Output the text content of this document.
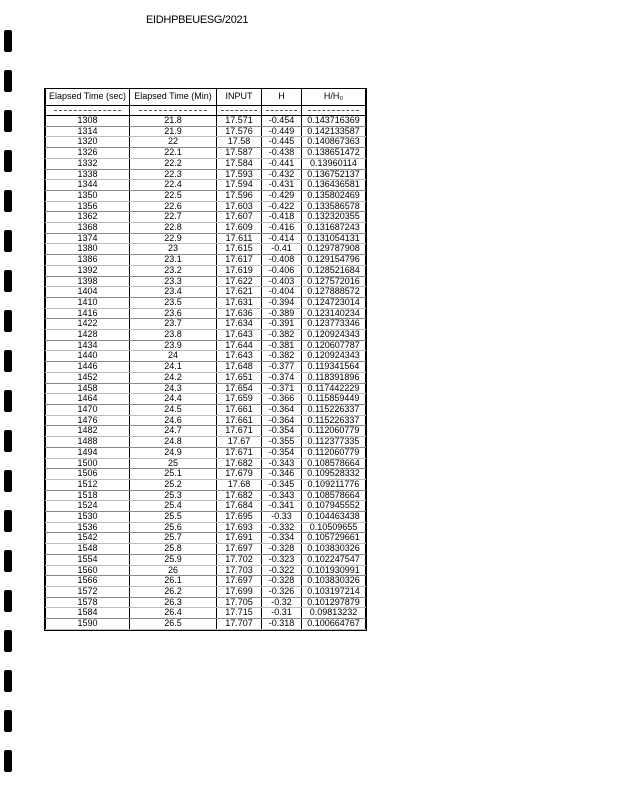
EIDHPBEUESG/2021
Elapsed Time (sec)	Elapsed Time (Min)	INPUT	H	H/H₀

1308	21.8	17.571	-0.454	0.143716369
1314	21.9	17.576	-0.449	0.142133587
1320	22	17.58	-0.445	0.140867363
1326	22.1	17.587	-0.438	0.138651472
1332	22.2	17.584	-0.441	0.13960114
1338	22.3	17.593	-0.432	0.136752137
1344	22.4	17.594	-0.431	0.136436581
1350	22.5	17.596	-0.429	0.135802469
1356	22.6	17.603	-0.422	0.133586578
1362	22.7	17.607	-0.418	0.132320355
1368	22.8	17.609	-0.416	0.131687243
1374	22.9	17.611	-0.414	0.131054131
1380	23	17.615	-0.41	0.129787908
1386	23.1	17.617	-0.408	0.129154796
1392	23.2	17.619	-0.406	0.128521684
1398	23.3	17.622	-0.403	0.127572016
1404	23.4	17.621	-0.404	0.127888572
1410	23.5	17.631	-0.394	0.124723014
1416	23.6	17.636	-0.389	0.123140234
1422	23.7	17.634	-0.391	0.123773346
1428	23.8	17.643	-0.382	0.120924343
1434	23.9	17.644	-0.381	0.120607787
1440	24	17.643	-0.382	0.120924343
1446	24.1	17.648	-0.377	0.119341564
1452	24.2	17.651	-0.374	0.118391896
1458	24.3	17.654	-0.371	0.117442229
1464	24.4	17.659	-0.366	0.115859449
1470	24.5	17.661	-0.364	0.115226337
1476	24.6	17.661	-0.364	0.115226337
1482	24.7	17.671	-0.354	0.112060779
1488	24.8	17.67	-0.355	0.112377335
1494	24.9	17.671	-0.354	0.112060779
1500	25	17.682	-0.343	0.108578664
1506	25.1	17.679	-0.346	0.109528332
1512	25.2	17.68	-0.345	0.109211776
1518	25.3	17.682	-0.343	0.108578664
1524	25.4	17.684	-0.341	0.107945552
1530	25.5	17.695	-0.33	0.104463438
1536	25.6	17.693	-0.332	0.10509655
1542	25.7	17.691	-0.334	0.105729661
1548	25.8	17.697	-0.328	0.103830326
1554	25.9	17.702	-0.323	0.102247547
1560	26	17.703	-0.322	0.101930991
1566	26.1	17.697	-0.328	0.103830326
1572	26.2	17.699	-0.326	0.103197214
1578	26.3	17.705	-0.32	0.101297879
1584	26.4	17.715	-0.31	0.09813232
1590	26.5	17.707	-0.318	0.100664767
